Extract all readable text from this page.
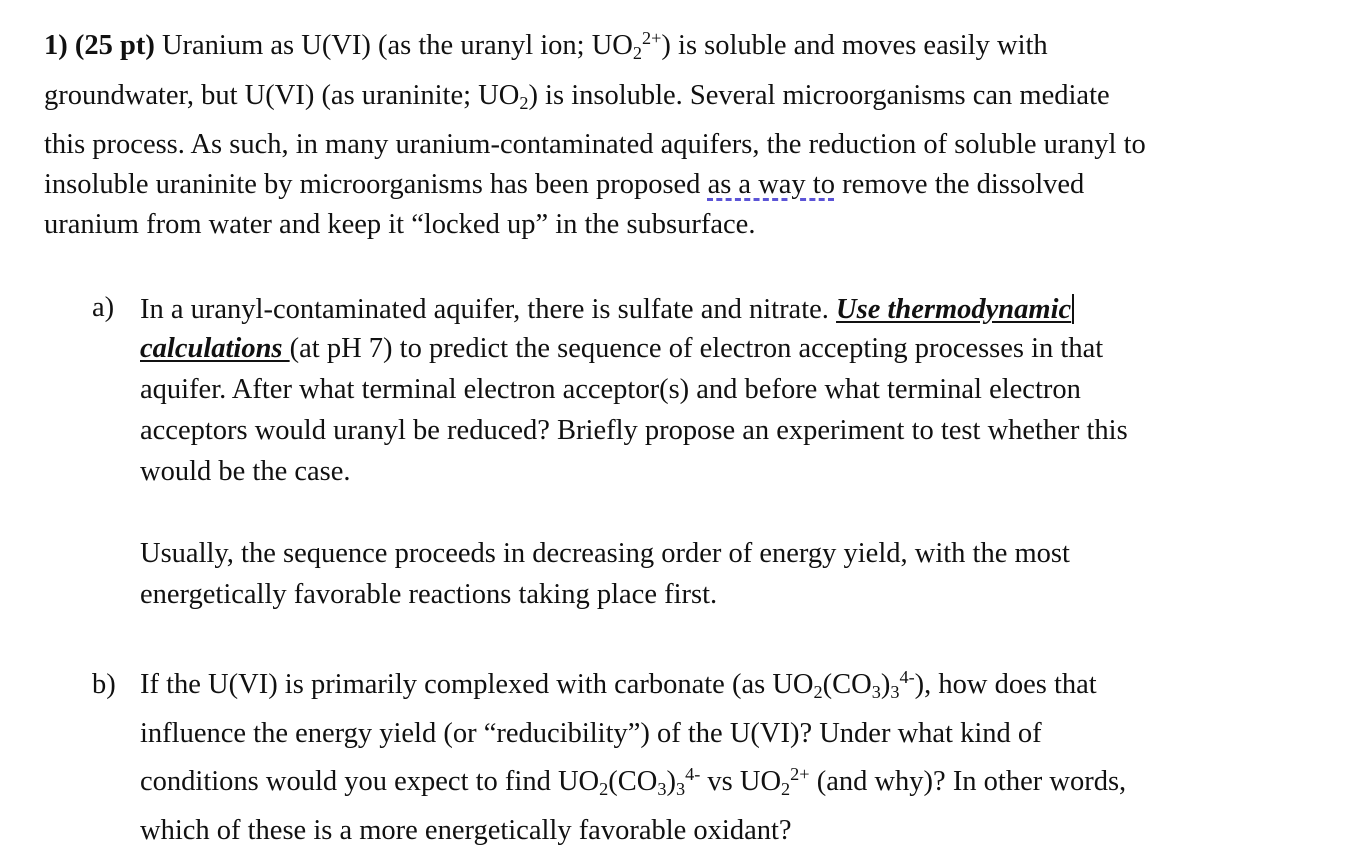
1) (25 pt) Uranium as U(VI) (as the uranyl ion; $UO_2^{2+}$) is soluble and moves easily with
groundwater, but U(VI) (as uraninite; $UO_2$) is insoluble. Several microorganisms can mediate
this process. As such, in many uranium-contaminated aquifers, the reduction of soluble uranyl to
insoluble uraninite by microorganisms has been proposed as a way to remove the dissolved
uranium from water and keep it “locked up” in the subsurface.
a) In a uranyl-contaminated aquifer, there is sulfate and nitrate. Use thermodynamic
calculations (at pH 7) to predict the sequence of electron accepting processes in that
aquifer. After what terminal electron acceptor(s) and before what terminal electron
acceptors would uranyl be reduced? Briefly propose an experiment to test whether this
would be the case.
Usually, the sequence proceeds in decreasing order of energy yield, with the most
energetically favorable reactions taking place first.
b) If the U(VI) is primarily complexed with carbonate (as $UO_2(CO_3)_3^{4-}$), how does that
influence the energy yield (or “reducibility”) of the U(VI)? Under what kind of
conditions would you expect to find $UO_2(CO_3)_3^{4-}$ vs $UO_2^{2+}$ (and why)? In other words,
which of these is a more energetically favorable oxidant?
